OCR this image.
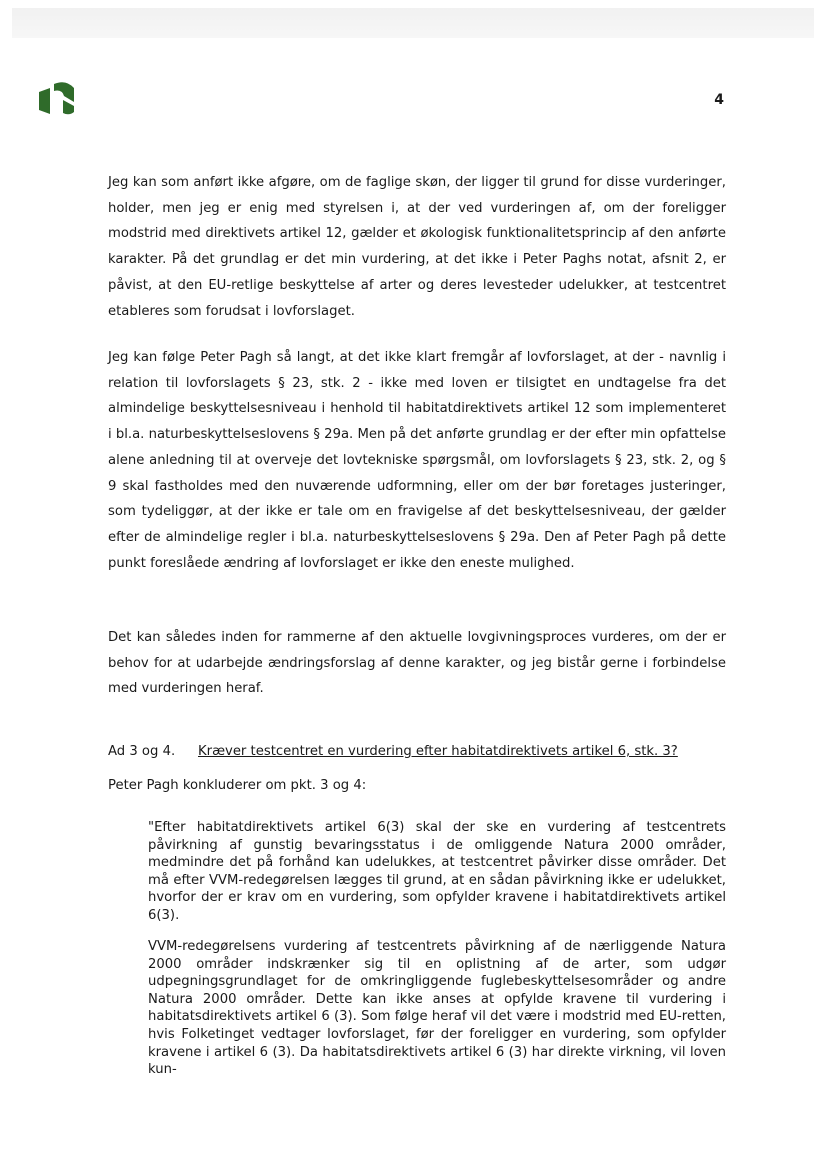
4

Jeg kan som anført ikke afgøre, om de faglige skøn, der ligger til grund for disse vurderinger, holder, men jeg er enig med styrelsen i, at der ved vurderingen af, om der foreligger modstrid med direktivets artikel 12, gælder et økologisk funktionalitetsprincip af den anførte karakter. På det grundlag er det min vurdering, at det ikke i Peter Paghs notat, afsnit 2, er påvist, at den EU-retlige beskyttelse af arter og deres levesteder udelukker, at testcentret etableres som forudsat i lovforslaget.

Jeg kan følge Peter Pagh så langt, at det ikke klart fremgår af lovforslaget, at der - navnlig i relation til lovforslagets § 23, stk. 2 - ikke med loven er tilsigtet en undtagelse fra det almindelige beskyttelsesniveau i henhold til habitatdirektivets artikel 12 som implementeret i bl.a. naturbeskyttelseslovens § 29a. Men på det anførte grundlag er der efter min opfattelse alene anledning til at overveje det lovtekniske spørgsmål, om lovforslagets § 23, stk. 2, og § 9 skal fastholdes med den nuværende udformning, eller om der bør foretages justeringer, som tydeliggør, at der ikke er tale om en fravigelse af det beskyttelsesniveau, der gælder efter de almindelige regler i bl.a. naturbeskyttelseslovens § 29a. Den af Peter Pagh på dette punkt foreslåede ændring af lovforslaget er ikke den eneste mulighed.

Det kan således inden for rammerne af den aktuelle lovgivningsproces vurderes, om der er behov for at udarbejde ændringsforslag af denne karakter, og jeg bistår gerne i forbindelse med vurderingen heraf.

Ad 3 og 4. Kræver testcentret en vurdering efter habitatdirektivets artikel 6, stk. 3?
Peter Pagh konkluderer om pkt. 3 og 4:

"Efter habitatdirektivets artikel 6(3) skal der ske en vurdering af testcentrets påvirkning af gunstig bevaringsstatus i de omliggende Natura 2000 områder, medmindre det på forhånd kan udelukkes, at testcentret påvirker disse områder. Det må efter VVM-redegørelsen lægges til grund, at en sådan påvirkning ikke er udelukket, hvorfor der er krav om en vurdering, som opfylder kravene i habitatdirektivets artikel 6(3).

VVM-redegørelsens vurdering af testcentrets påvirkning af de nærliggende Natura 2000 områder indskrænker sig til en oplistning af de arter, som udgør udpegningsgrundlaget for de omkringliggende fuglebeskyttelsesområder og andre Natura 2000 områder. Dette kan ikke anses at opfylde kravene til vurdering i habitatsdirektivets artikel 6 (3). Som følge heraf vil det være i modstrid med EU-retten, hvis Folketinget vedtager lovforslaget, før der foreligger en vurdering, som opfylder kravene i artikel 6 (3). Da habitatsdirektivets artikel 6 (3) har direkte virkning, vil loven kun-
